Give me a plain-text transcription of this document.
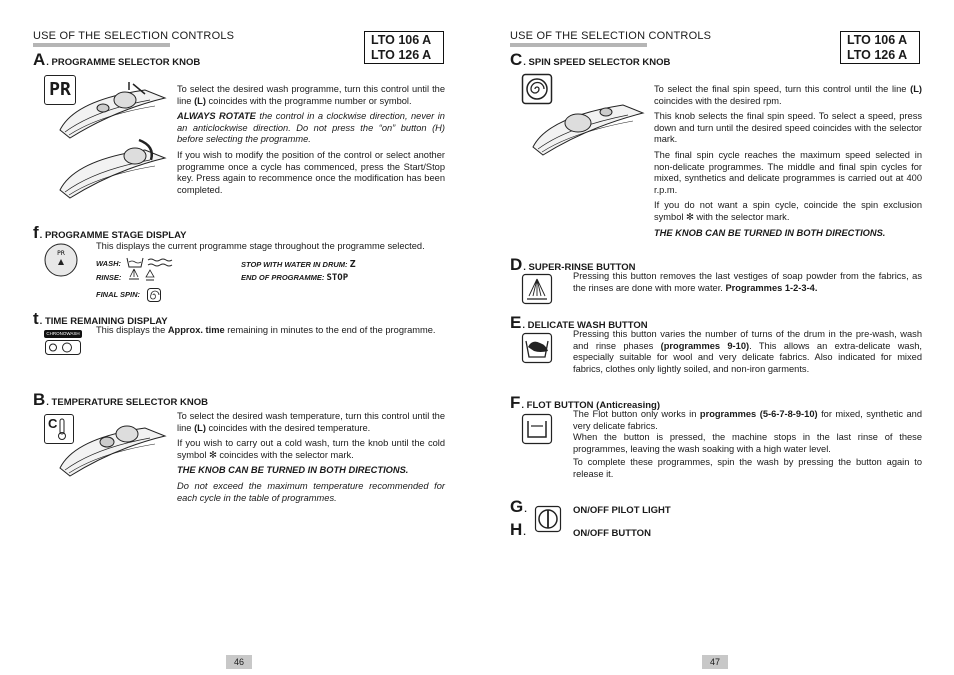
USE OF THE SELECTION CONTROLS	LTO 106 A
LTO 126 A
A. PROGRAMME SELECTOR KNOB
PR	To select the desired wash programme, turn this control until the line (L) coincides with the programme number or symbol.

ALWAYS ROTATE the control in a clockwise direction, never in an anticlockwise direction. Do not press the “on” button (H) before selecting the programme.

If you wish to modify the position of the control or select another programme once a cycle has commenced, press the Start/Stop key. Press again to recommence once the modification has been completed.

f. PROGRAMME STAGE DISPLAY
This displays the current programme stage throughout the programme selected.
PR
WASH:
RINSE:
FINAL SPIN:
STOP WITH WATER IN DRUM: Z
END OF PROGRAMME: STOP
t. TIME REMAINING DISPLAY
CHRONOWASH This displays the Approx. time remaining in minutes to the end of the programme.
B. TEMPERATURE SELECTOR KNOB
C	To select the desired wash temperature, turn this control until the line (L) coincides with the desired temperature.

If you wish to carry out a cold wash, turn the knob until the cold symbol ✻ coincides with the selector mark.

THE KNOB CAN BE TURNED IN BOTH DIRECTIONS.

Do not exceed the maximum temperature recommended for each cycle in the table of programmes.

46
USE OF THE SELECTION CONTROLS	LTO 106 A
LTO 126 A
C. SPIN SPEED SELECTOR KNOB

To select the final spin speed, turn this control until the line (L) coincides with the desired rpm.

This knob selects the final spin speed. To select a speed, press down and turn until the desired speed coincides with the selector mark.

The final spin cycle reaches the maximum speed selected in non-delicate programmes. The middle and final spin cycles for mixed, synthetics and delicate programmes is carried out at 400 r.p.m.

If you do not want a spin cycle, coincide the spin exclusion symbol ✻ with the selector mark.

THE KNOB CAN BE TURNED IN BOTH DIRECTIONS.

D. SUPER-RINSE BUTTON
Pressing this button removes the last vestiges of soap powder from the fabrics, as the rinses are done with more water. Programmes 1-2-3-4.
E. DELICATE WASH BUTTON
Pressing this button varies the number of turns of the drum in the pre-wash, wash and rinse phases (programmes 9-10). This allows an extra-delicate wash, especially suitable for wool and very delicate fabrics. Also indicated for mixed fabrics, clothes only lightly soiled, and non-iron garments.
F. FLOT BUTTON (Anticreasing)
The Flot button only works in programmes (5-6-7-8-9-10) for mixed, synthetic and very delicate fabrics.
When the button is pressed, the machine stops in the last rinse of these programmes, leaving the wash soaking with a high water level.
To complete these programmes, spin the wash by pressing the button again to release it.
G.
H.
ON/OFF PILOT LIGHT
ON/OFF BUTTON
47
